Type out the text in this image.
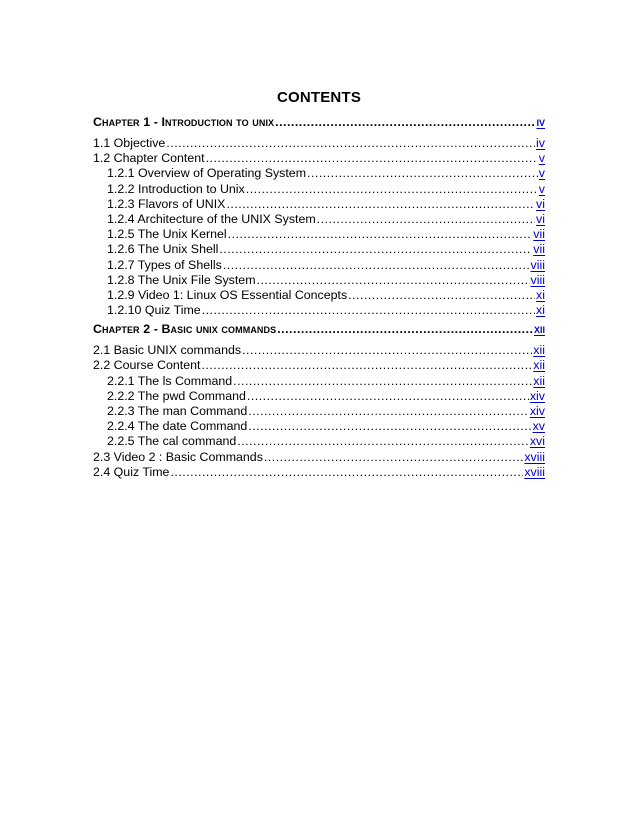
CONTENTS
Chapter 1 - Introduction to unix .....	iv
1.1 Objective .....	iv
1.2 Chapter Content .....	v
1.2.1 Overview of Operating System .....	v
1.2.2 Introduction to Unix .....	v
1.2.3 Flavors of UNIX .....	vi
1.2.4 Architecture of the UNIX System .....	vi
1.2.5 The Unix Kernel .....	vii
1.2.6 The Unix Shell .....	vii
1.2.7 Types of Shells .....	viii
1.2.8 The Unix File System .....	viii
1.2.9 Video 1: Linux OS Essential Concepts .....	xi
1.2.10 Quiz Time .....	xi
Chapter 2 - Basic unix commands .....	xii
2.1 Basic UNIX commands .....	xii
2.2 Course Content .....	xii
2.2.1 The ls Command .....	xii
2.2.2 The pwd Command .....	xiv
2.2.3 The man Command .....	xiv
2.2.4 The date Command .....	xv
2.2.5 The cal command .....	xvi
2.3 Video 2 : Basic Commands .....	xviii
2.4 Quiz Time .....	xviii
